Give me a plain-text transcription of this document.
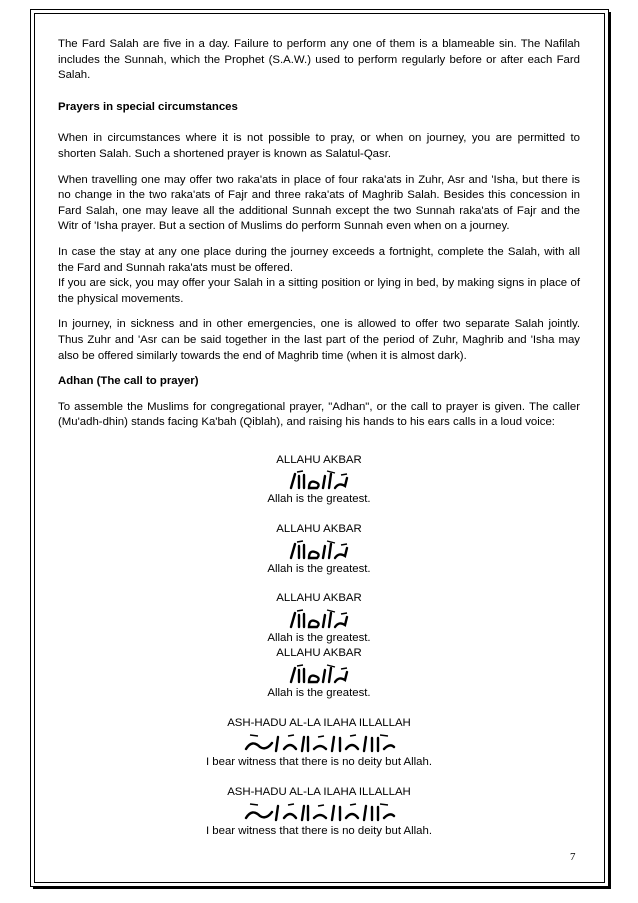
The Fard Salah are five in a day. Failure to perform any one of them is a blameable sin. The Nafilah includes the Sunnah, which the Prophet (S.A.W.) used to perform regularly before or after each Fard Salah.

Prayers in special circumstances

When in circumstances where it is not possible to pray, or when on journey, you are permitted to shorten Salah. Such a shortened prayer is known as Salatul-Qasr.

When travelling one may offer two raka'ats in place of four raka'ats in Zuhr, Asr and 'Isha, but there is no change in the two raka'ats of Fajr and three raka'ats of Maghrib Salah. Besides this concession in Fard Salah, one may leave all the additional Sunnah except the two Sunnah raka'ats of Fajr and the Witr of 'Isha prayer. But a section of Muslims do perform Sunnah even when on a journey.

In case the stay at any one place during the journey exceeds a fortnight, complete the Salah, with all the Fard and Sunnah raka'ats must be offered.

If you are sick, you may offer your Salah in a sitting position or lying in bed, by making signs in place of the physical movements.

In journey, in sickness and in other emergencies, one is allowed to offer two separate Salah jointly. Thus Zuhr and 'Asr can be said together in the last part of the period of Zuhr, Maghrib and 'Isha may also be offered similarly towards the end of Maghrib time (when it is almost dark).

Adhan (The call to prayer)

To assemble the Muslims for congregational prayer, "Adhan", or the call to prayer is given. The caller (Mu'adh-dhin) stands facing Ka'bah (Qiblah), and raising his hands to his ears calls in a loud voice:

ALLAHU AKBAR

Allah is the greatest.

ALLAHU AKBAR

Allah is the greatest.

ALLAHU AKBAR

Allah is the greatest.

ALLAHU AKBAR

Allah is the greatest.

ASH-HADU AL-LA ILAHA ILLALLAH

I bear witness that there is no deity but Allah.

ASH-HADU AL-LA ILAHA ILLALLAH

I bear witness that there is no deity but Allah.

7
